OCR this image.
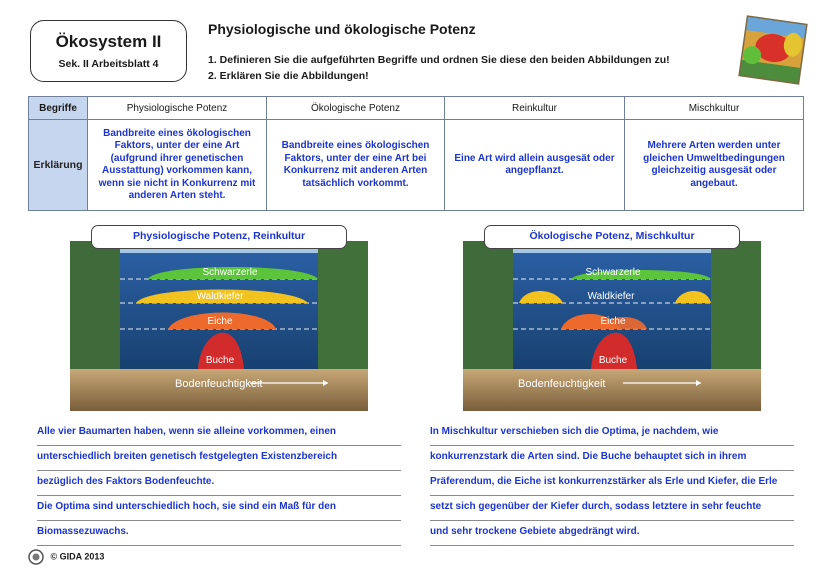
Ökosystem II
Sek. II Arbeitsblatt 4
Physiologische und ökologische Potenz
1. Definieren Sie die aufgeführten Begriffe und ordnen Sie diese den beiden Abbildungen zu!
2. Erklären Sie die Abbildungen!
Begriffe	Physiologische Potenz	Ökologische Potenz	Reinkultur	Mischkultur
Erklärung	Bandbreite eines ökologischen Faktors, unter der eine Art (aufgrund ihrer genetischen Ausstattung) vorkommen kann, wenn sie nicht in Konkurrenz mit anderen Arten steht.	Bandbreite eines ökologischen Faktors, unter der eine Art bei Konkurrenz mit anderen Arten tatsächlich vorkommt.	Eine Art wird allein ausgesät oder angepflanzt.	Mehrere Arten werden unter gleichen Umweltbedingungen gleichzeitig ausgesät oder angebaut.
Schwarzerle
Waldkiefer
Eiche
Buche
Bodenfeuchtigkeit
Physiologische Potenz, Reinkultur
Schwarzerle
Waldkiefer
Eiche
Buche
Bodenfeuchtigkeit
Ökologische Potenz, Mischkultur
Alle vier Baumarten haben, wenn sie alleine vorkommen, einen
unterschiedlich breiten genetisch festgelegten Existenzbereich
bezüglich des Faktors Bodenfeuchte.
Die Optima sind unterschiedlich hoch, sie sind ein Maß für den
Biomassezuwachs.
In Mischkultur verschieben sich die Optima, je nachdem, wie
konkurrenzstark die Arten sind. Die Buche behauptet sich in ihrem
Präferendum, die Eiche ist konkurrenzstärker als Erle und Kiefer, die Erle
setzt sich gegenüber der Kiefer durch, sodass letztere in sehr feuchte
und sehr trockene Gebiete abgedrängt wird.
© GIDA 2013
